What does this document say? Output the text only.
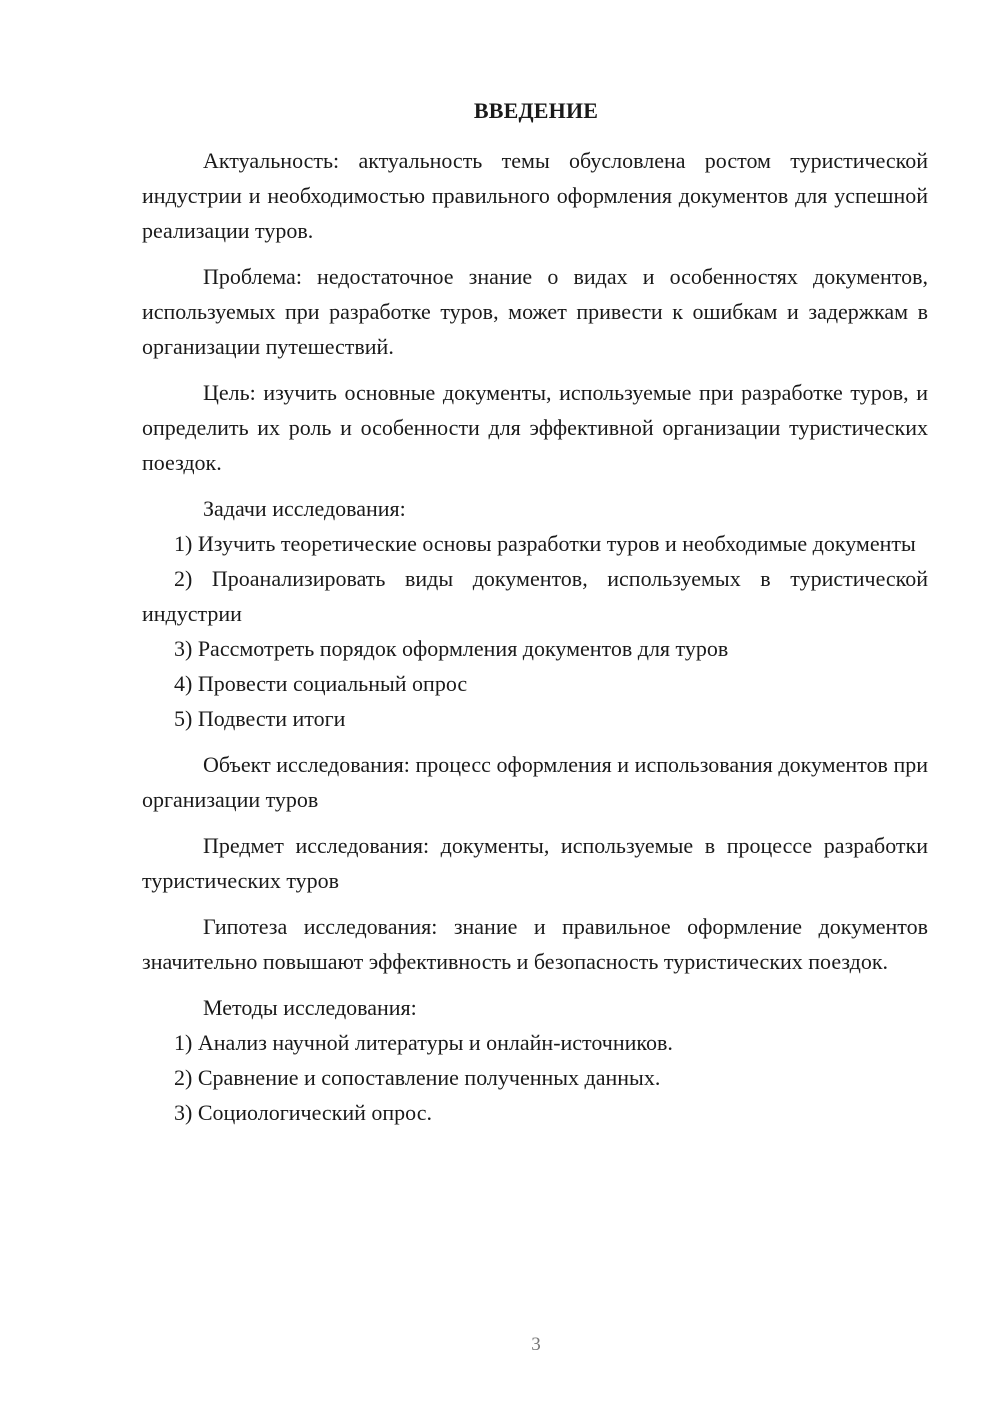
ВВЕДЕНИЕ

Актуальность: актуальность темы обусловлена ростом туристической индустрии и необходимостью правильного оформления документов для успешной реализации туров.

Проблема: недостаточное знание о видах и особенностях документов, используемых при разработке туров, может привести к ошибкам и задержкам в организации путешествий.

Цель: изучить основные документы, используемые при разработке туров, и определить их роль и особенности для эффективной организации туристических поездок.

Задачи исследования:

1) Изучить теоретические основы разработки туров и необходимые документы

2) Проанализировать виды документов, используемых в туристической индустрии

3) Рассмотреть порядок оформления документов для туров

4) Провести социальный опрос

5) Подвести итоги

Объект исследования: процесс оформления и использования документов при организации туров

Предмет исследования: документы, используемые в процессе разработки туристических туров

Гипотеза исследования: знание и правильное оформление документов значительно повышают эффективность и безопасность туристических поездок.

Методы исследования:

1) Анализ научной литературы и онлайн-источников.

2) Сравнение и сопоставление полученных данных.

3) Социологический опрос.

3
